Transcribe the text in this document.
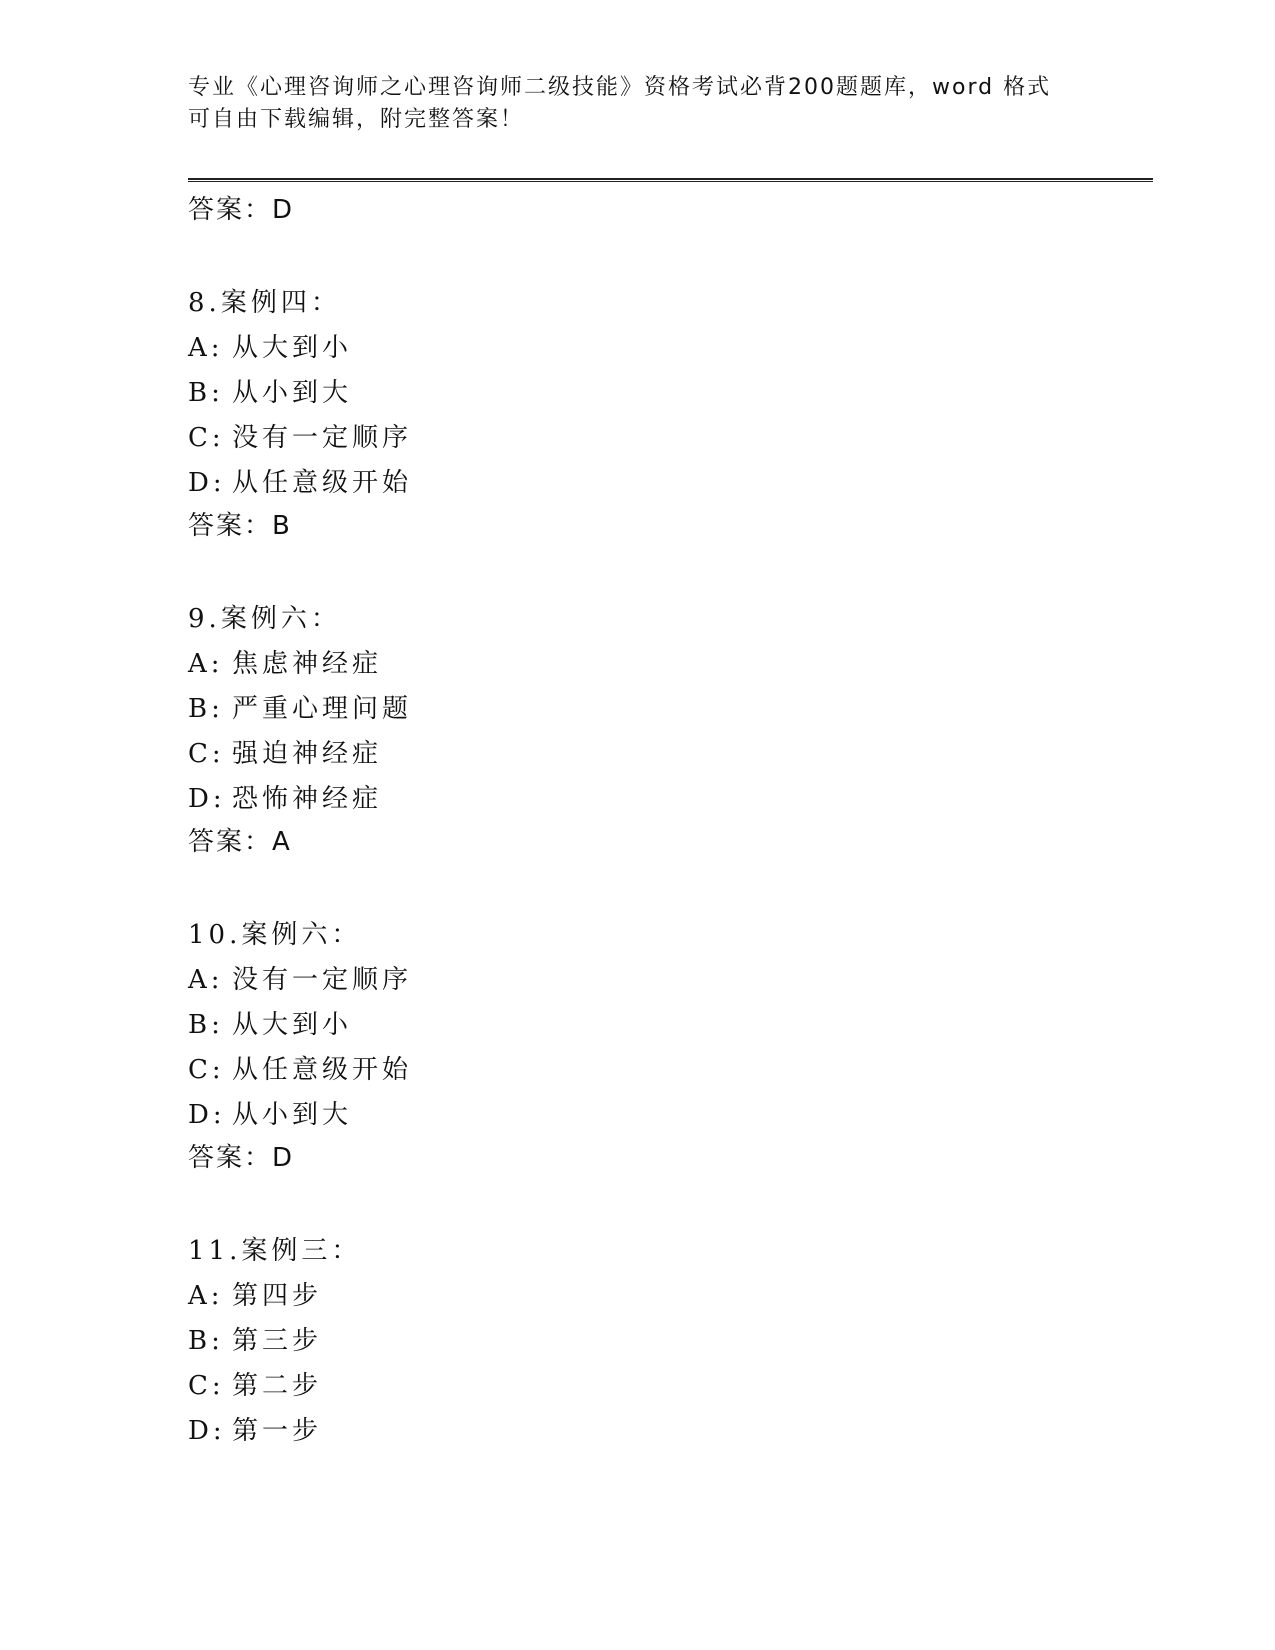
专业《心理咨询师之心理咨询师二级技能》资格考试必背200题题库，word 格式
可自由下载编辑，附完整答案！
答案：D
8.案例四：
A: 从大到小
B: 从小到大
C: 没有一定顺序
D: 从任意级开始
答案：B
9.案例六：
A: 焦虑神经症
B: 严重心理问题
C: 强迫神经症
D: 恐怖神经症
答案：A
10.案例六：
A: 没有一定顺序
B: 从大到小
C: 从任意级开始
D: 从小到大
答案：D
11.案例三：
A: 第四步
B: 第三步
C: 第二步
D: 第一步
